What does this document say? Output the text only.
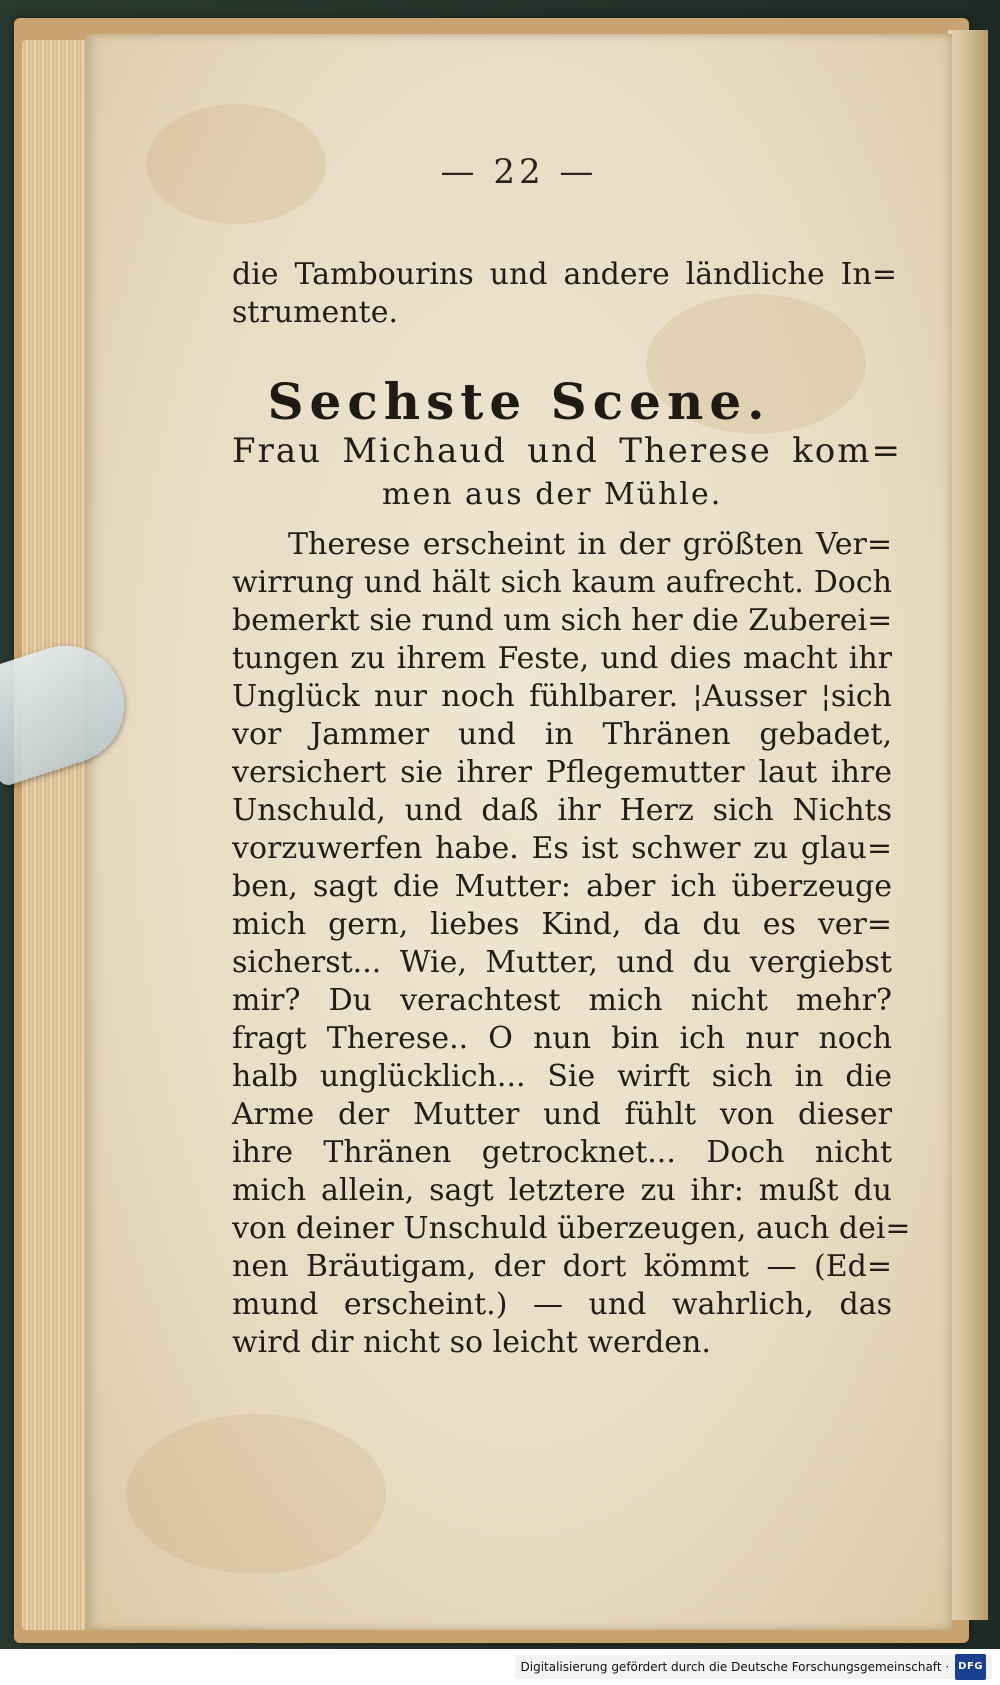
— 22 —
die Tambourins und andere ländliche In=
strumente.
Sechste Scene.
Frau Michaud und Therese kom=
men aus der Mühle.
Therese erscheint in der größten Ver=
wirrung und hält sich kaum aufrecht. Doch
bemerkt sie rund um sich her die Zuberei=
tungen zu ihrem Feste, und dies macht ihr
Unglück nur noch fühlbarer. ¦Ausser ¦sich
vor Jammer und in Thränen gebadet,
versichert sie ihrer Pflegemutter laut ihre
Unschuld, und daß ihr Herz sich Nichts
vorzuwerfen habe. Es ist schwer zu glau=
ben, sagt die Mutter: aber ich überzeuge
mich gern, liebes Kind, da du es ver=
sicherst... Wie, Mutter, und du vergiebst
mir? Du verachtest mich nicht mehr?
fragt Therese.. O nun bin ich nur noch
halb unglücklich... Sie wirft sich in die
Arme der Mutter und fühlt von dieser
ihre Thränen getrocknet... Doch nicht
mich allein, sagt letztere zu ihr: mußt du
von deiner Unschuld überzeugen, auch dei=
nen Bräutigam, der dort kömmt — (Ed=
mund erscheint.) — und wahrlich, das
wird dir nicht so leicht werden.
Digitalisierung gefördert durch die Deutsche Forschungsgemeinschaft · DFG
